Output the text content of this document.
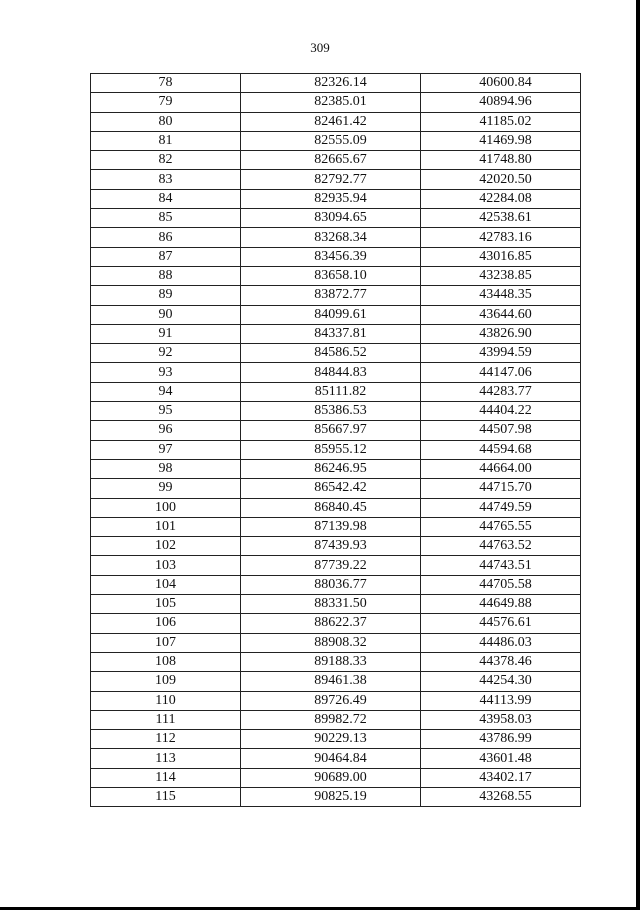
309
78	82326.14	40600.84
79	82385.01	40894.96
80	82461.42	41185.02
81	82555.09	41469.98
82	82665.67	41748.80
83	82792.77	42020.50
84	82935.94	42284.08
85	83094.65	42538.61
86	83268.34	42783.16
87	83456.39	43016.85
88	83658.10	43238.85
89	83872.77	43448.35
90	84099.61	43644.60
91	84337.81	43826.90
92	84586.52	43994.59
93	84844.83	44147.06
94	85111.82	44283.77
95	85386.53	44404.22
96	85667.97	44507.98
97	85955.12	44594.68
98	86246.95	44664.00
99	86542.42	44715.70
100	86840.45	44749.59
101	87139.98	44765.55
102	87439.93	44763.52
103	87739.22	44743.51
104	88036.77	44705.58
105	88331.50	44649.88
106	88622.37	44576.61
107	88908.32	44486.03
108	89188.33	44378.46
109	89461.38	44254.30
110	89726.49	44113.99
111	89982.72	43958.03
112	90229.13	43786.99
113	90464.84	43601.48
114	90689.00	43402.17
115	90825.19	43268.55
